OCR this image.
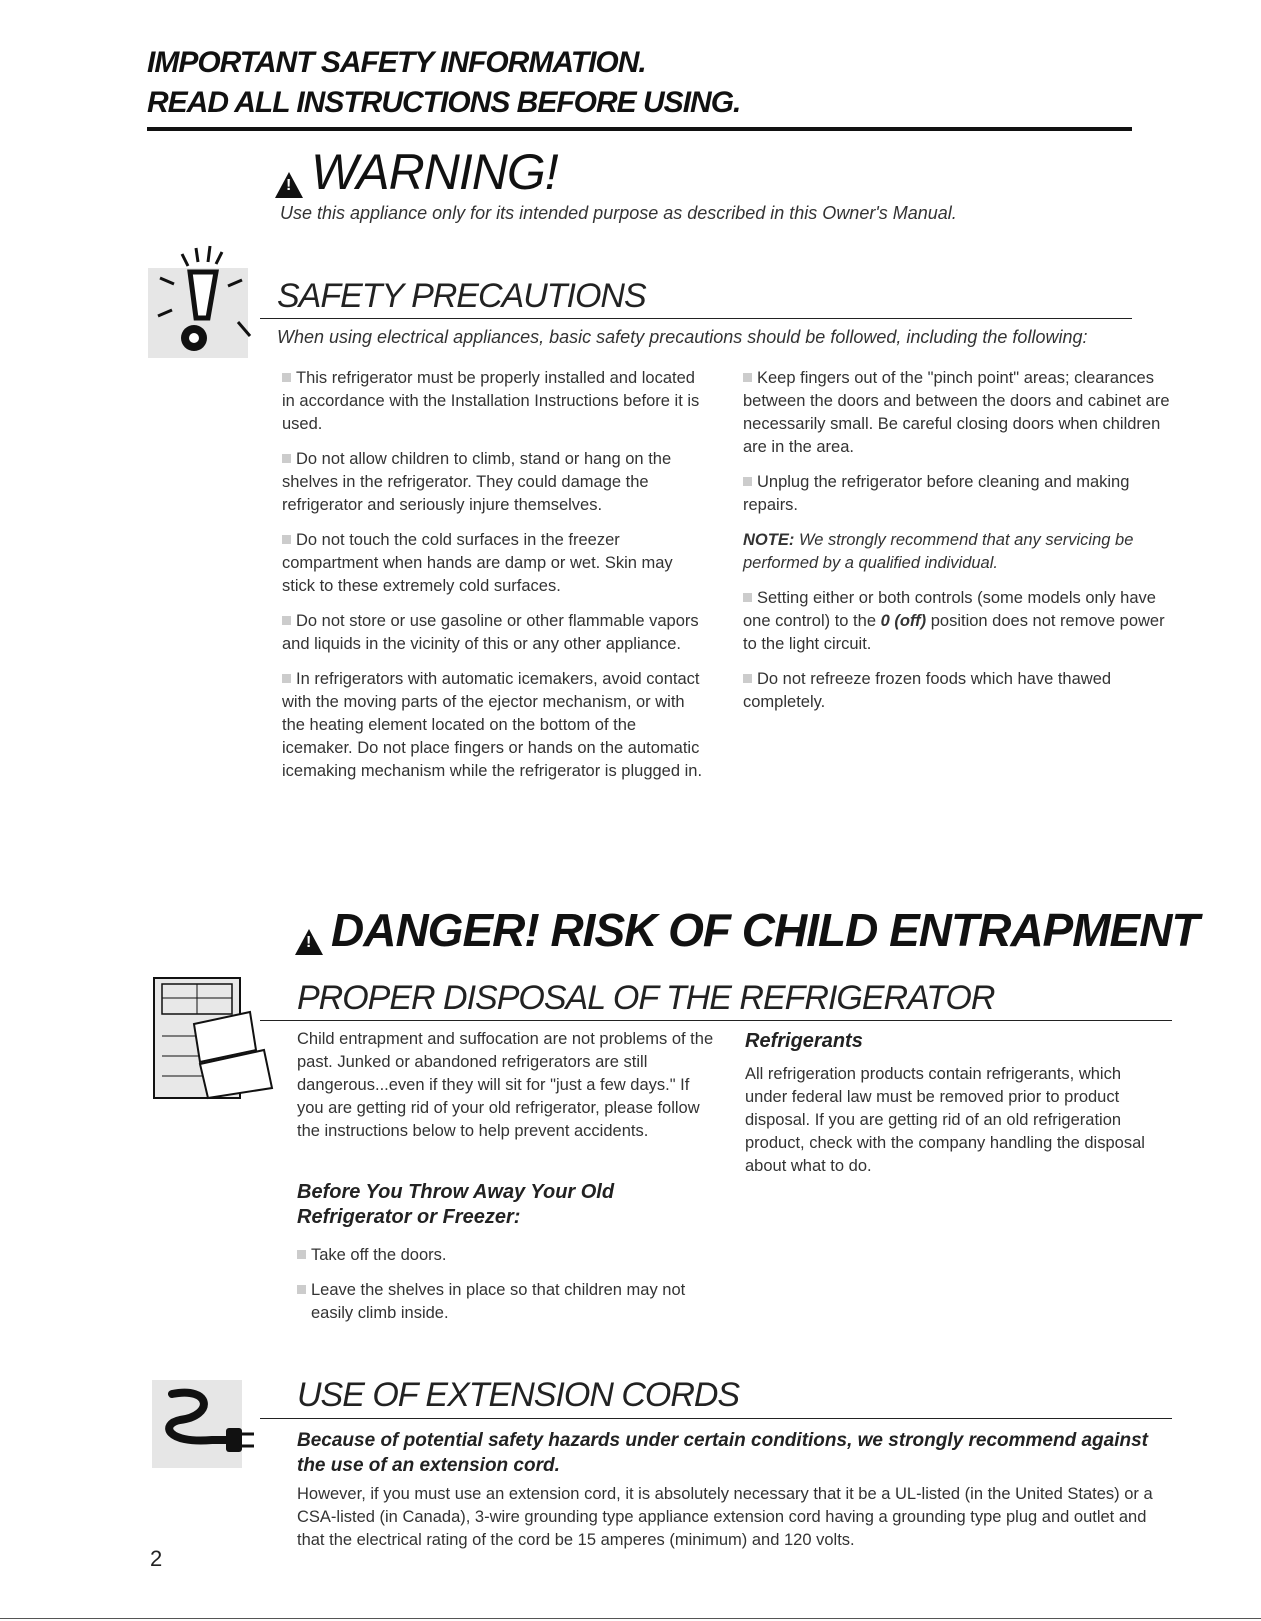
IMPORTANT SAFETY INFORMATION.
READ ALL INSTRUCTIONS BEFORE USING.
!WARNING!
Use this appliance only for its intended purpose as described in this Owner's Manual.
SAFETY PRECAUTIONS
When using electrical appliances, basic safety precautions should be followed, including the following:
This refrigerator must be properly installed and located in accordance with the Installation Instructions before it is used.
Do not allow children to climb, stand or hang on the shelves in the refrigerator. They could damage the refrigerator and seriously injure themselves.
Do not touch the cold surfaces in the freezer compartment when hands are damp or wet. Skin may stick to these extremely cold surfaces.
Do not store or use gasoline or other flammable vapors and liquids in the vicinity of this or any other appliance.
In refrigerators with automatic icemakers, avoid contact with the moving parts of the ejector mechanism, or with the heating element located on the bottom of the icemaker. Do not place fingers or hands on the automatic icemaking mechanism while the refrigerator is plugged in.
Keep fingers out of the "pinch point" areas; clearances between the doors and between the doors and cabinet are necessarily small. Be careful closing doors when children are in the area.
Unplug the refrigerator before cleaning and making repairs.
NOTE: We strongly recommend that any servicing be performed by a qualified individual.
Setting either or both controls (some models only have one control) to the 0 (off) position does not remove power to the light circuit.
Do not refreeze frozen foods which have thawed completely.
!DANGER! RISK OF CHILD ENTRAPMENT
PROPER DISPOSAL OF THE REFRIGERATOR
Child entrapment and suffocation are not problems of the past. Junked or abandoned refrigerators are still dangerous...even if they will sit for "just a few days." If you are getting rid of your old refrigerator, please follow the instructions below to help prevent accidents.
Before You Throw Away Your Old Refrigerator or Freezer:
Take off the doors.
Leave the shelves in place so that children may not easily climb inside.
Refrigerants
All refrigeration products contain refrigerants, which under federal law must be removed prior to product disposal. If you are getting rid of an old refrigeration product, check with the company handling the disposal about what to do.
USE OF EXTENSION CORDS
Because of potential safety hazards under certain conditions, we strongly recommend against the use of an extension cord.
However, if you must use an extension cord, it is absolutely necessary that it be a UL-listed (in the United States) or a CSA-listed (in Canada), 3-wire grounding type appliance extension cord having a grounding type plug and outlet and that the electrical rating of the cord be 15 amperes (minimum) and 120 volts.
2
